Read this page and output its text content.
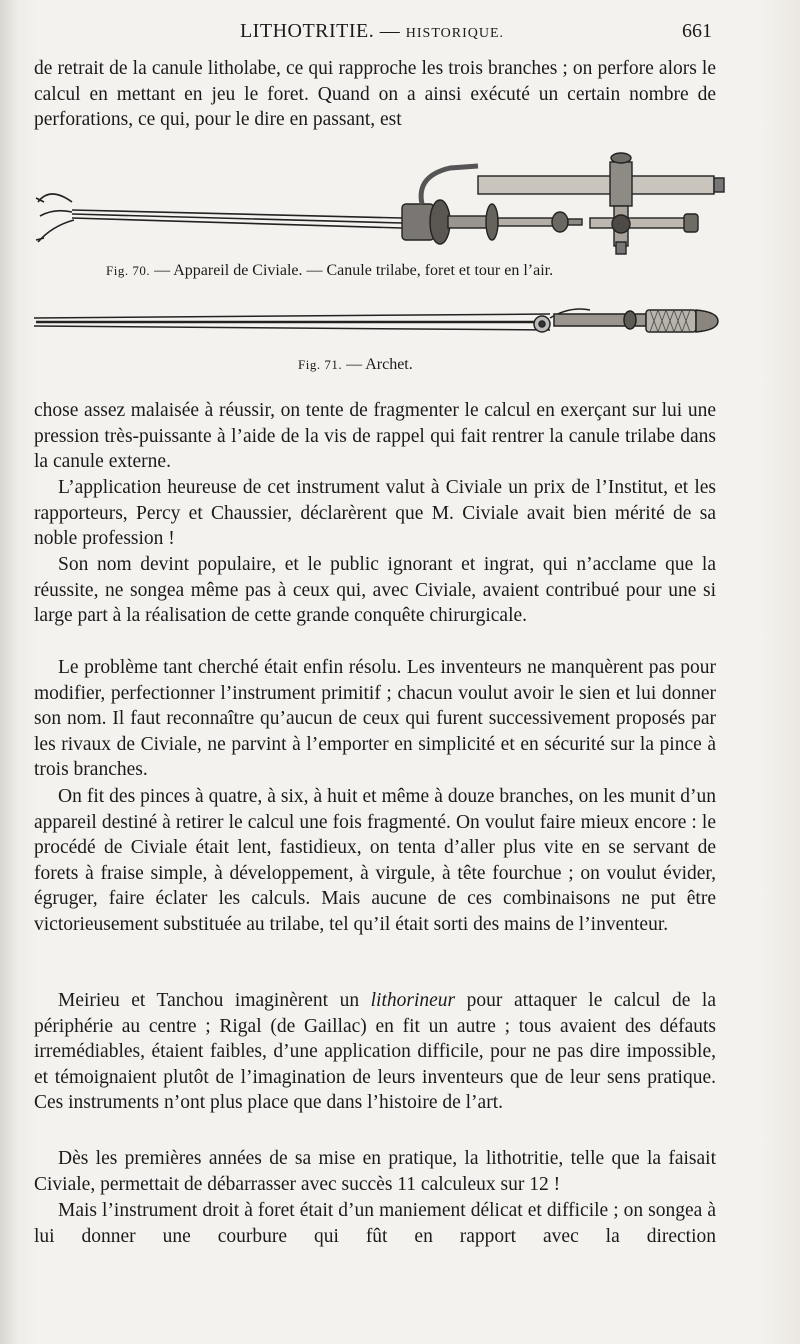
LITHOTRITIE. — HISTORIQUE.	661

de retrait de la canule litholabe, ce qui rapproche les trois branches ; on perfore alors le calcul en mettant en jeu le foret. Quand on a ainsi exécuté un certain nombre de perforations, ce qui, pour le dire en passant, est

Fig. 70. — Appareil de Civiale. — Canule trilabe, foret et tour en l’air.
Fig. 71. — Archet.

chose assez malaisée à réussir, on tente de fragmenter le calcul en exerçant sur lui une pression très-puissante à l’aide de la vis de rappel qui fait rentrer la canule trilabe dans la canule externe.

L’application heureuse de cet instrument valut à Civiale un prix de l’Institut, et les rapporteurs, Percy et Chaussier, déclarèrent que M. Civiale avait bien mérité de sa noble profession !

Son nom devint populaire, et le public ignorant et ingrat, qui n’acclame que la réussite, ne songea même pas à ceux qui, avec Civiale, avaient contribué pour une si large part à la réalisation de cette grande conquête chirurgicale.

Le problème tant cherché était enfin résolu. Les inventeurs ne manquèrent pas pour modifier, perfectionner l’instrument primitif ; chacun voulut avoir le sien et lui donner son nom. Il faut reconnaître qu’aucun de ceux qui furent successivement proposés par les rivaux de Civiale, ne parvint à l’emporter en simplicité et en sécurité sur la pince à trois branches.

On fit des pinces à quatre, à six, à huit et même à douze branches, on les munit d’un appareil destiné à retirer le calcul une fois fragmenté. On voulut faire mieux encore : le procédé de Civiale était lent, fastidieux, on tenta d’aller plus vite en se servant de forets à fraise simple, à développement, à virgule, à tête fourchue ; on voulut évider, égruger, faire éclater les calculs. Mais aucune de ces combinaisons ne put être victorieusement substituée au trilabe, tel qu’il était sorti des mains de l’inventeur.

Meirieu et Tanchou imaginèrent un lithorineur pour attaquer le calcul de la périphérie au centre ; Rigal (de Gaillac) en fit un autre ; tous avaient des défauts irremédiables, étaient faibles, d’une application difficile, pour ne pas dire impossible, et témoignaient plutôt de l’imagination de leurs inventeurs que de leur sens pratique. Ces instruments n’ont plus place que dans l’histoire de l’art.

Dès les premières années de sa mise en pratique, la lithotritie, telle que la faisait Civiale, permettait de débarrasser avec succès 11 calculeux sur 12 !

Mais l’instrument droit à foret était d’un maniement délicat et difficile ; on songea à lui donner une courbure qui fût en rapport avec la direction
